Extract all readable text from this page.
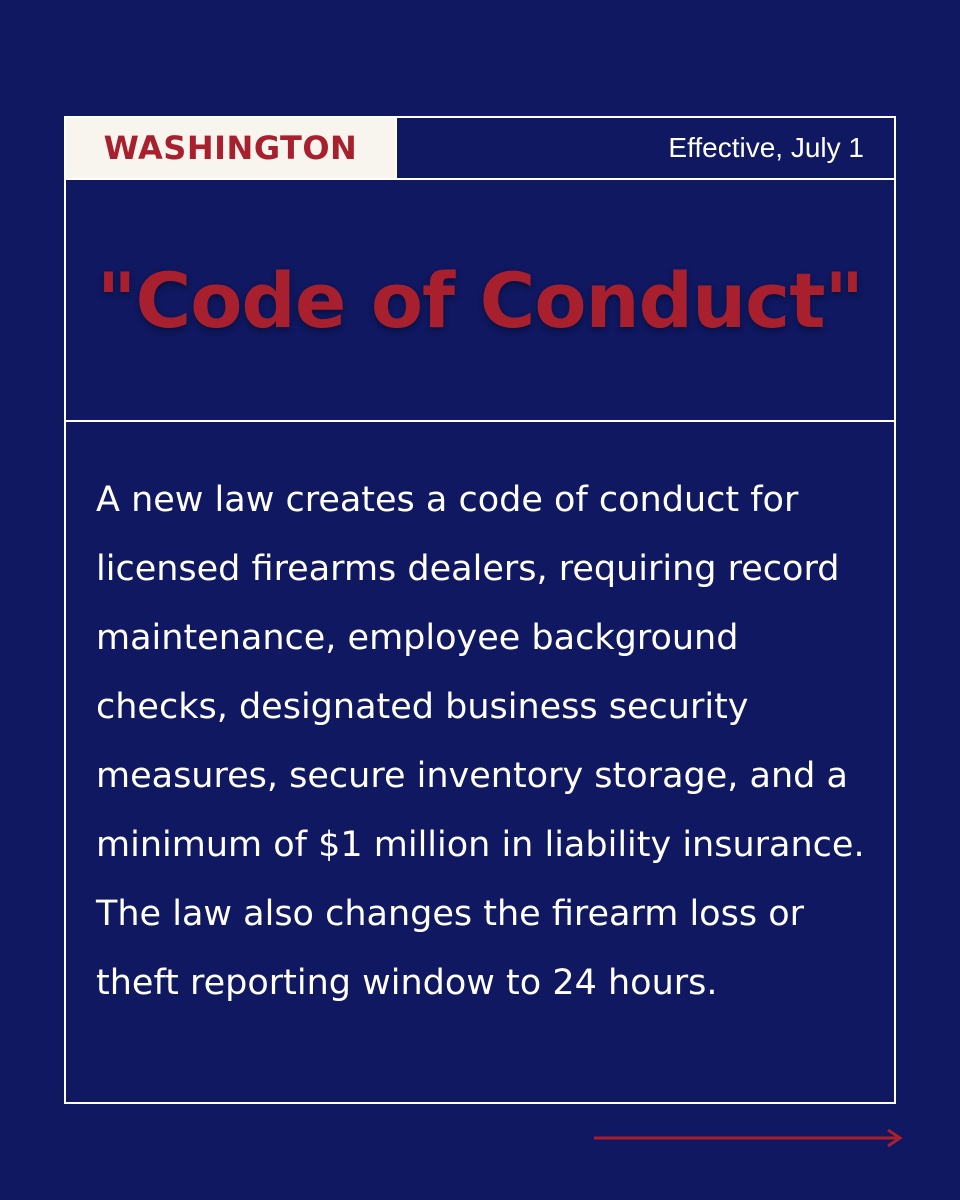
WASHINGTON	Effective, July 1
"Code of Conduct"

A new law creates a code of conduct for licensed firearms dealers, requiring record maintenance, employee background checks, designated business security measures, secure inventory storage, and a minimum of $1 million in liability insurance. The law also changes the firearm loss or theft reporting window to 24 hours.
